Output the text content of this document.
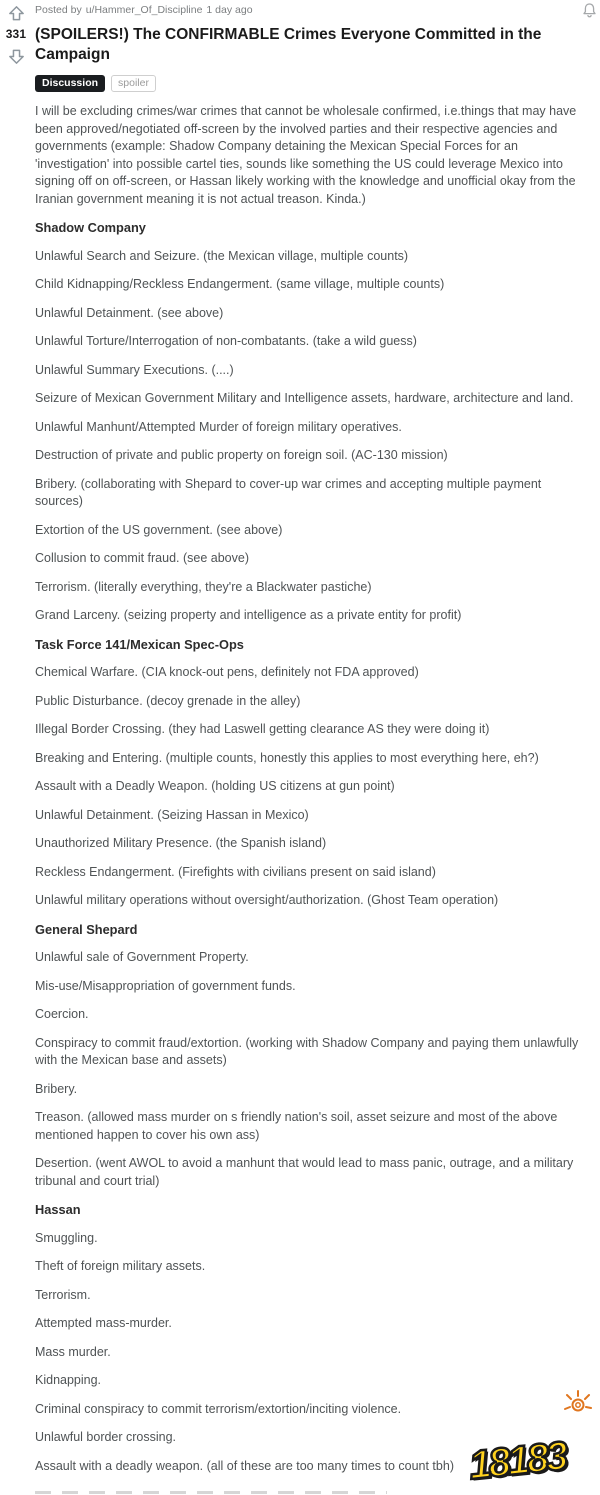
331
Posted by u/Hammer_Of_Discipline 1 day ago
(SPOILERS!) The CONFIRMABLE Crimes Everyone Committed in the Campaign
Discussion	spoiler

I will be excluding crimes/war crimes that cannot be wholesale confirmed, i.e.things that may have been approved/negotiated off-screen by the involved parties and their respective agencies and governments (example: Shadow Company detaining the Mexican Special Forces for an 'investigation' into possible cartel ties, sounds like something the US could leverage Mexico into signing off on off-screen, or Hassan likely working with the knowledge and unofficial okay from the Iranian government meaning it is not actual treason. Kinda.)

Shadow Company

Unlawful Search and Seizure. (the Mexican village, multiple counts)

Child Kidnapping/Reckless Endangerment. (same village, multiple counts)

Unlawful Detainment. (see above)

Unlawful Torture/Interrogation of non-combatants. (take a wild guess)

Unlawful Summary Executions. (....)

Seizure of Mexican Government Military and Intelligence assets, hardware, architecture and land.

Unlawful Manhunt/Attempted Murder of foreign military operatives.

Destruction of private and public property on foreign soil. (AC-130 mission)

Bribery. (collaborating with Shepard to cover-up war crimes and accepting multiple payment sources)

Extortion of the US government. (see above)

Collusion to commit fraud. (see above)

Terrorism. (literally everything, they're a Blackwater pastiche)

Grand Larceny. (seizing property and intelligence as a private entity for profit)

Task Force 141/Mexican Spec-Ops

Chemical Warfare. (CIA knock-out pens, definitely not FDA approved)

Public Disturbance. (decoy grenade in the alley)

Illegal Border Crossing. (they had Laswell getting clearance AS they were doing it)

Breaking and Entering. (multiple counts, honestly this applies to most everything here, eh?)

Assault with a Deadly Weapon. (holding US citizens at gun point)

Unlawful Detainment. (Seizing Hassan in Mexico)

Unauthorized Military Presence. (the Spanish island)

Reckless Endangerment. (Firefights with civilians present on said island)

Unlawful military operations without oversight/authorization. (Ghost Team operation)

General Shepard

Unlawful sale of Government Property.

Mis-use/Misappropriation of government funds.

Coercion.

Conspiracy to commit fraud/extortion. (working with Shadow Company and paying them unlawfully with the Mexican base and assets)

Bribery.

Treason. (allowed mass murder on s friendly nation's soil, asset seizure and most of the above mentioned happen to cover his own ass)

Desertion. (went AWOL to avoid a manhunt that would lead to mass panic, outrage, and a military tribunal and court trial)

Hassan

Smuggling.

Theft of foreign military assets.

Terrorism.

Attempted mass-murder.

Mass murder.

Kidnapping.

Criminal conspiracy to commit terrorism/extortion/inciting violence.

Unlawful border crossing.

Assault with a deadly weapon. (all of these are too many times to count tbh) 18183
